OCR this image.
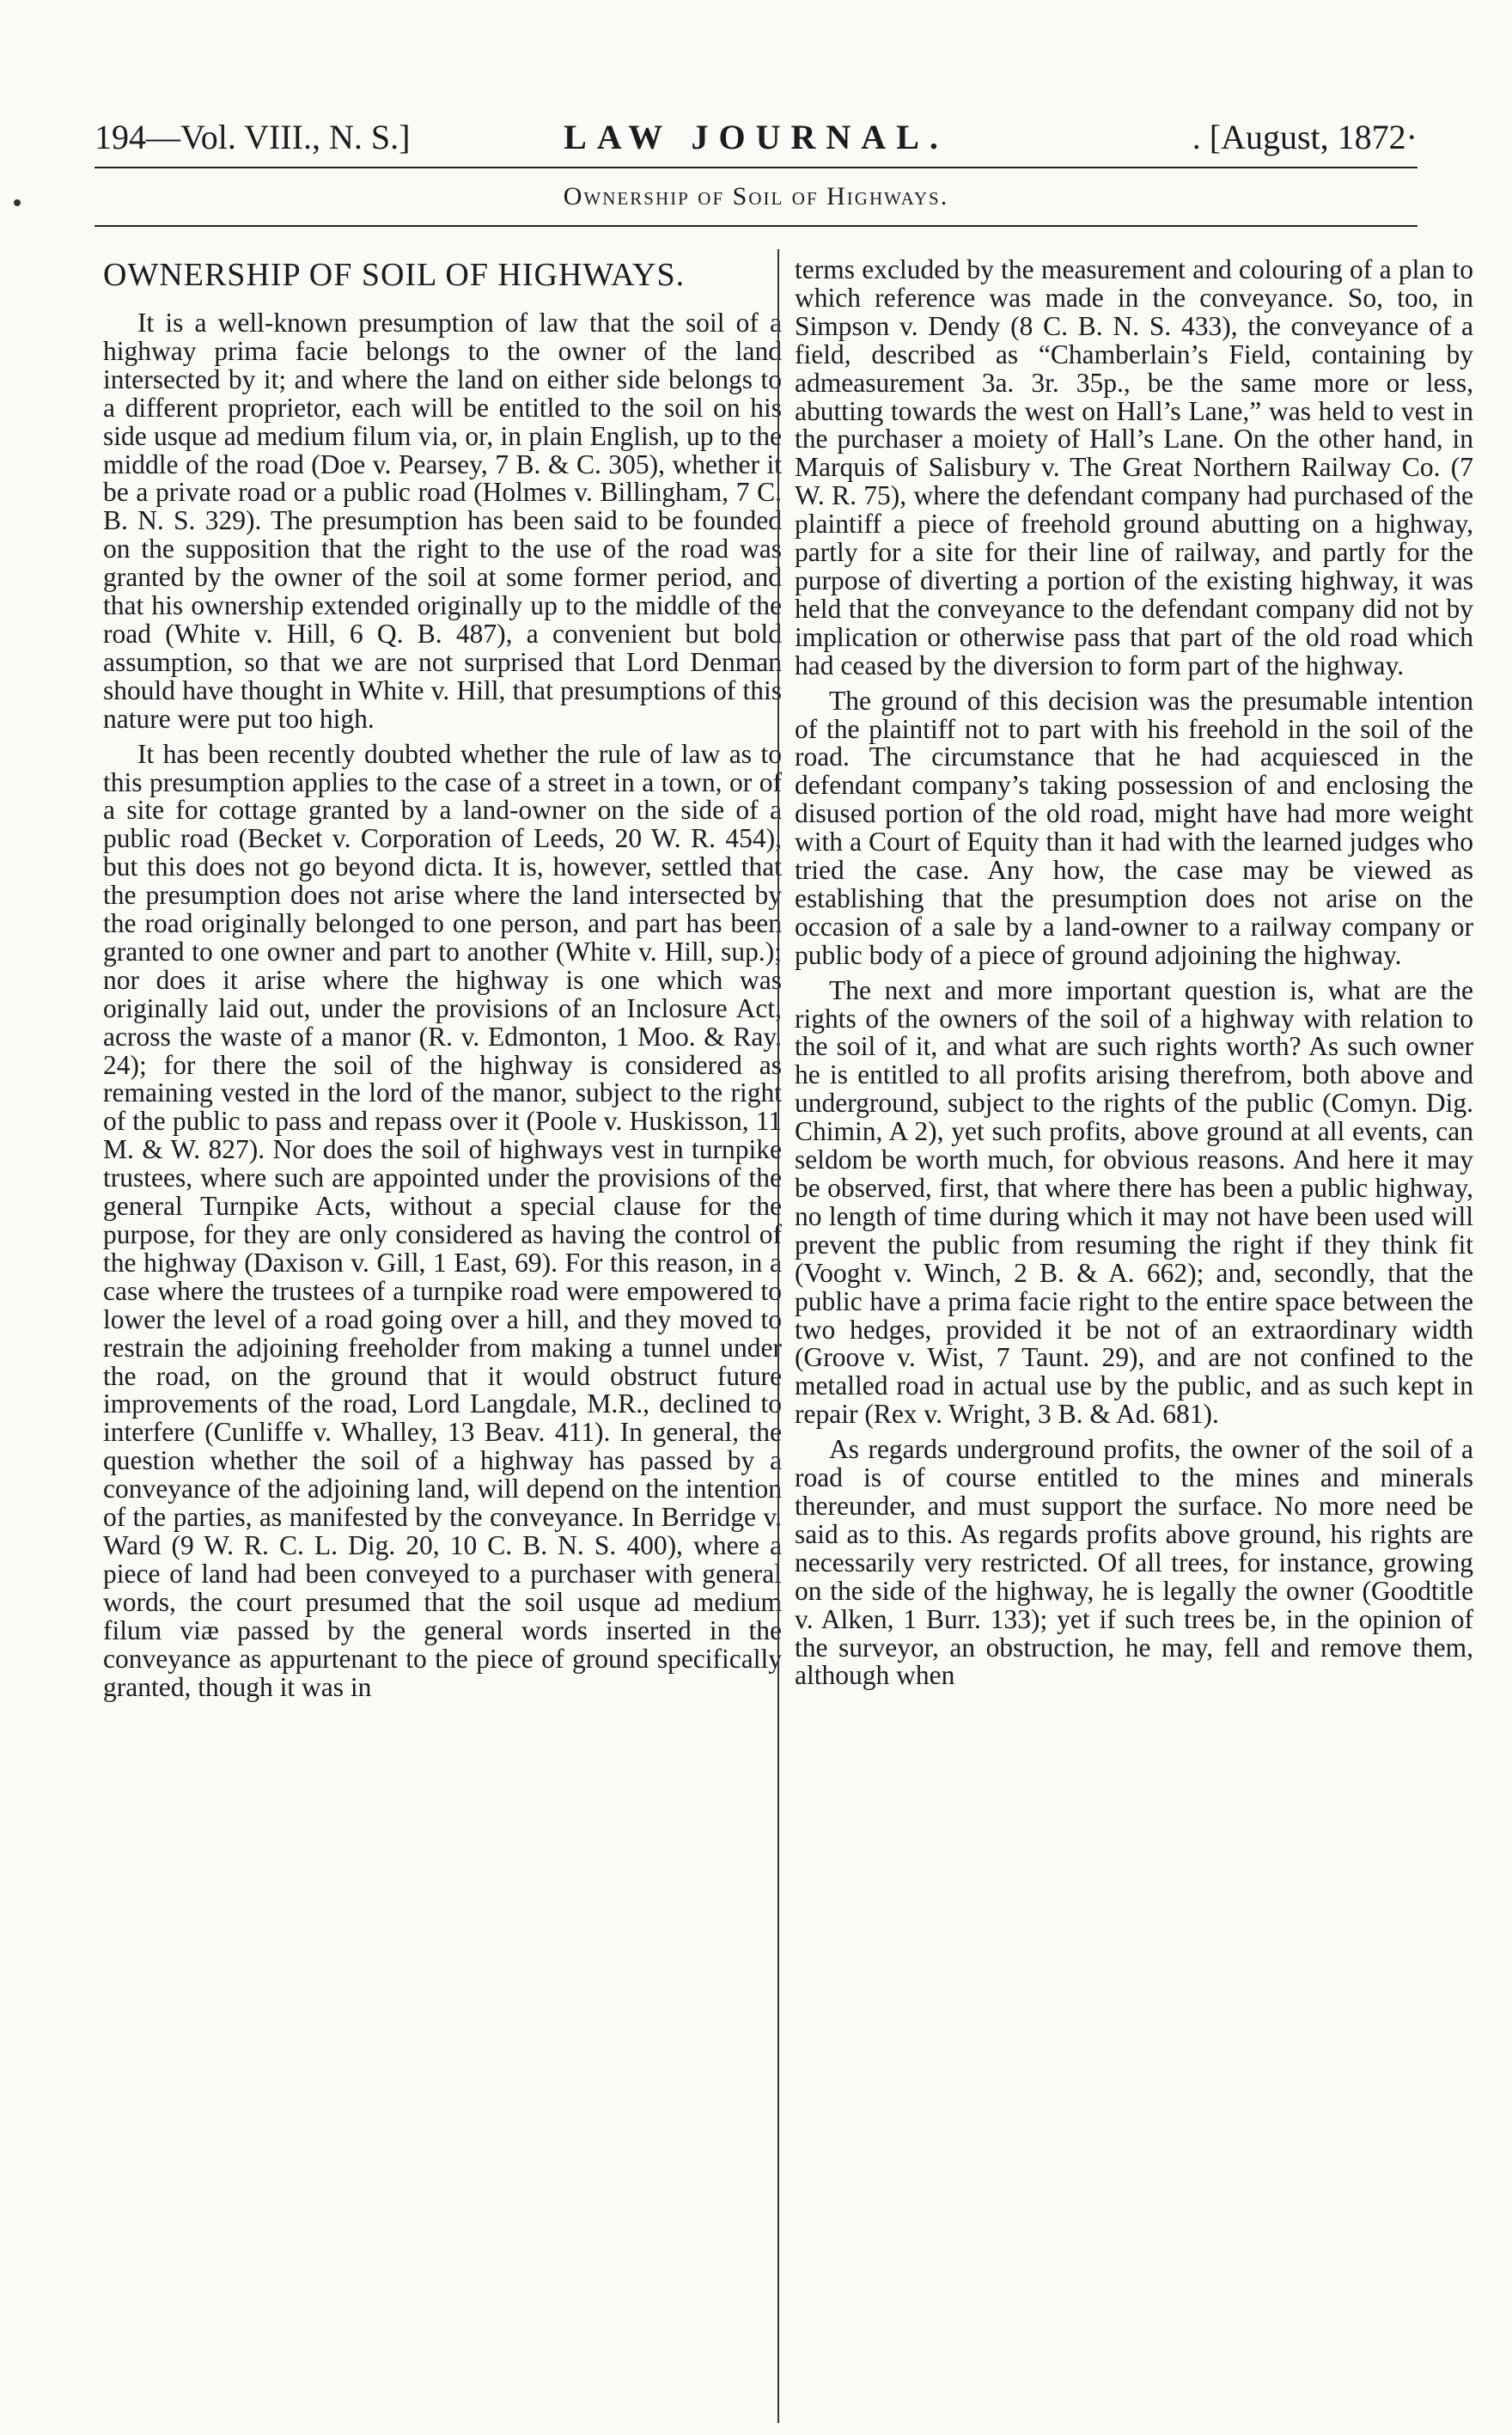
194—Vol. VIII., N. S.]	LAW JOURNAL.	. [August, 1872·
Ownership of Soil of Highways.
OWNERSHIP OF SOIL OF HIGHWAYS.

It is a well-known presumption of law that the soil of a highway prima facie belongs to the owner of the land intersected by it; and where the land on either side belongs to a different proprietor, each will be entitled to the soil on his side usque ad medium filum via, or, in plain English, up to the middle of the road (Doe v. Pearsey, 7 B. & C. 305), whether it be a private road or a public road (Holmes v. Billingham, 7 C. B. N. S. 329). The presumption has been said to be founded on the supposition that the right to the use of the road was granted by the owner of the soil at some former period, and that his ownership extended originally up to the middle of the road (White v. Hill, 6 Q. B. 487), a convenient but bold assumption, so that we are not surprised that Lord Denman should have thought in White v. Hill, that presumptions of this nature were put too high.

It has been recently doubted whether the rule of law as to this presumption applies to the case of a street in a town, or of a site for cottage granted by a land-owner on the side of a public road (Becket v. Corporation of Leeds, 20 W. R. 454), but this does not go beyond dicta. It is, however, settled that the presumption does not arise where the land intersected by the road originally belonged to one person, and part has been granted to one owner and part to another (White v. Hill, sup.); nor does it arise where the highway is one which was originally laid out, under the provisions of an Inclosure Act, across the waste of a manor (R. v. Edmonton, 1 Moo. & Ray. 24); for there the soil of the highway is considered as remaining vested in the lord of the manor, subject to the right of the public to pass and repass over it (Poole v. Huskisson, 11 M. & W. 827). Nor does the soil of highways vest in turnpike trustees, where such are appointed under the provisions of the general Turnpike Acts, without a special clause for the purpose, for they are only considered as having the control of the highway (Daxison v. Gill, 1 East, 69). For this reason, in a case where the trustees of a turnpike road were empowered to lower the level of a road going over a hill, and they moved to restrain the adjoining freeholder from making a tunnel under the road, on the ground that it would obstruct future improvements of the road, Lord Langdale, M.R., declined to interfere (Cunliffe v. Whalley, 13 Beav. 411). In general, the question whether the soil of a highway has passed by a conveyance of the adjoining land, will depend on the intention of the parties, as manifested by the conveyance. In Berridge v. Ward (9 W. R. C. L. Dig. 20, 10 C. B. N. S. 400), where a piece of land had been conveyed to a purchaser with general words, the court presumed that the soil usque ad medium filum viæ passed by the general words inserted in the conveyance as appurtenant to the piece of ground specifically granted, though it was in

terms excluded by the measurement and colouring of a plan to which reference was made in the conveyance. So, too, in Simpson v. Dendy (8 C. B. N. S. 433), the conveyance of a field, described as “Chamberlain’s Field, containing by admeasurement 3a. 3r. 35p., be the same more or less, abutting towards the west on Hall’s Lane,” was held to vest in the purchaser a moiety of Hall’s Lane. On the other hand, in Marquis of Salisbury v. The Great Northern Railway Co. (7 W. R. 75), where the defendant company had purchased of the plaintiff a piece of freehold ground abutting on a highway, partly for a site for their line of railway, and partly for the purpose of diverting a portion of the existing highway, it was held that the conveyance to the defendant company did not by implication or otherwise pass that part of the old road which had ceased by the diversion to form part of the highway.

The ground of this decision was the presumable intention of the plaintiff not to part with his freehold in the soil of the road. The circumstance that he had acquiesced in the defendant company’s taking possession of and enclosing the disused portion of the old road, might have had more weight with a Court of Equity than it had with the learned judges who tried the case. Any how, the case may be viewed as establishing that the presumption does not arise on the occasion of a sale by a land-owner to a railway company or public body of a piece of ground adjoining the highway.

The next and more important question is, what are the rights of the owners of the soil of a highway with relation to the soil of it, and what are such rights worth? As such owner he is entitled to all profits arising therefrom, both above and underground, subject to the rights of the public (Comyn. Dig. Chimin, A 2), yet such profits, above ground at all events, can seldom be worth much, for obvious reasons. And here it may be observed, first, that where there has been a public highway, no length of time during which it may not have been used will prevent the public from resuming the right if they think fit (Vooght v. Winch, 2 B. & A. 662); and, secondly, that the public have a prima facie right to the entire space between the two hedges, provided it be not of an extraordinary width (Groove v. Wist, 7 Taunt. 29), and are not confined to the metalled road in actual use by the public, and as such kept in repair (Rex v. Wright, 3 B. & Ad. 681).

As regards underground profits, the owner of the soil of a road is of course entitled to the mines and minerals thereunder, and must support the surface. No more need be said as to this. As regards profits above ground, his rights are necessarily very restricted. Of all trees, for instance, growing on the side of the highway, he is legally the owner (Goodtitle v. Alken, 1 Burr. 133); yet if such trees be, in the opinion of the surveyor, an obstruction, he may, fell and remove them, although when
